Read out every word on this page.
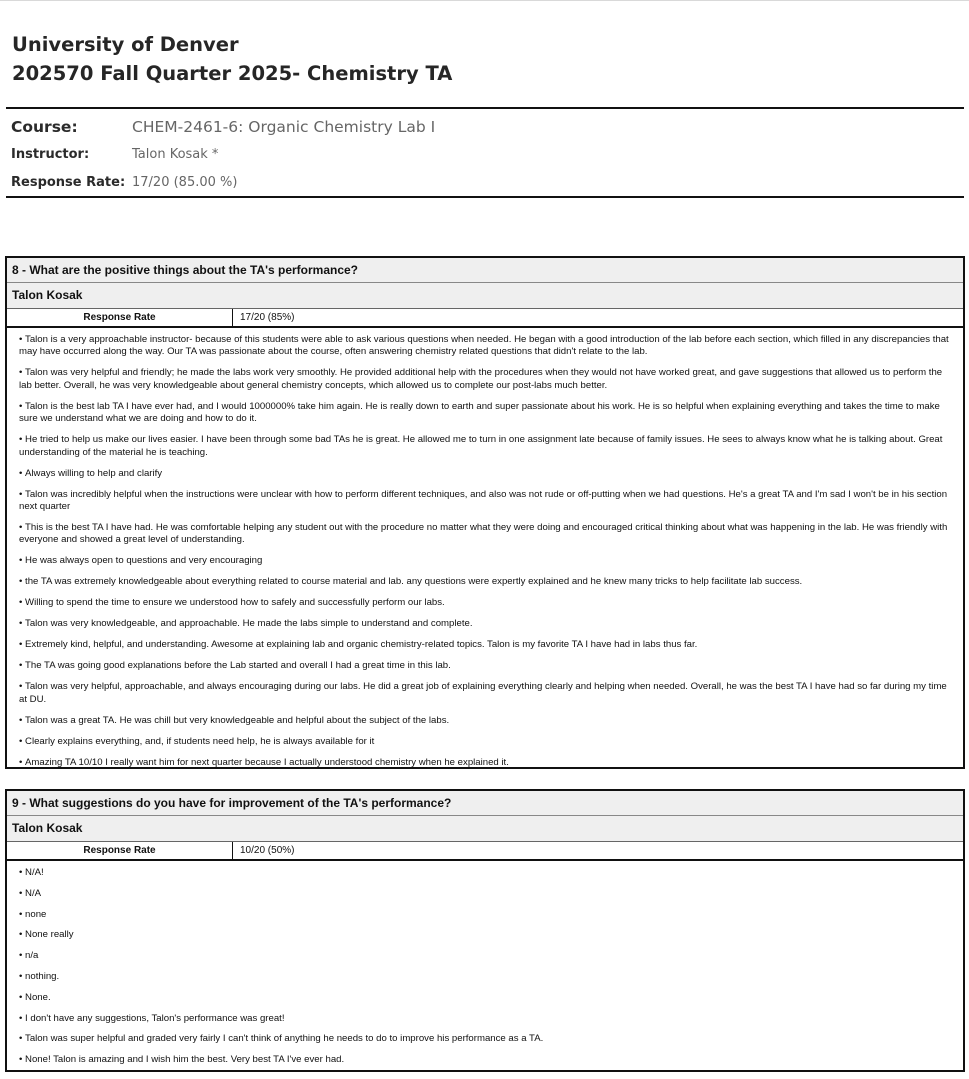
University of Denver
202570 Fall Quarter 2025- Chemistry TA
Course:	CHEM-2461-6: Organic Chemistry Lab I
Instructor:	Talon Kosak *
Response Rate: 17/20 (85.00 %)
8 - What are the positive things about the TA's performance?
Talon Kosak
Response Rate	17/20 (85%)
• Talon is a very approachable instructor- because of this students were able to ask various questions when needed. He began with a good introduction of the lab before each section, which filled in any discrepancies that may have occurred along the way. Our TA was passionate about the course, often answering chemistry related questions that didn't relate to the lab.
• Talon was very helpful and friendly; he made the labs work very smoothly. He provided additional help with the procedures when they would not have worked great, and gave suggestions that allowed us to perform the lab better. Overall, he was very knowledgeable about general chemistry concepts, which allowed us to complete our post-labs much better.
• Talon is the best lab TA I have ever had, and I would 1000000% take him again. He is really down to earth and super passionate about his work. He is so helpful when explaining everything and takes the time to make sure we understand what we are doing and how to do it.
• He tried to help us make our lives easier. I have been through some bad TAs he is great. He allowed me to turn in one assignment late because of family issues. He sees to always know what he is talking about. Great understanding of the material he is teaching.
• Always willing to help and clarify
• Talon was incredibly helpful when the instructions were unclear with how to perform different techniques, and also was not rude or off-putting when we had questions. He's a great TA and I'm sad I won't be in his section next quarter
• This is the best TA I have had. He was comfortable helping any student out with the procedure no matter what they were doing and encouraged critical thinking about what was happening in the lab. He was friendly with everyone and showed a great level of understanding.
• He was always open to questions and very encouraging
• the TA was extremely knowledgeable about everything related to course material and lab. any questions were expertly explained and he knew many tricks to help facilitate lab success.
• Willing to spend the time to ensure we understood how to safely and successfully perform our labs.
• Talon was very knowledgeable, and approachable. He made the labs simple to understand and complete.
• Extremely kind, helpful, and understanding. Awesome at explaining lab and organic chemistry-related topics. Talon is my favorite TA I have had in labs thus far.
• The TA was going good explanations before the Lab started and overall I had a great time in this lab.
• Talon was very helpful, approachable, and always encouraging during our labs. He did a great job of explaining everything clearly and helping when needed. Overall, he was the best TA I have had so far during my time at DU.
• Talon was a great TA. He was chill but very knowledgeable and helpful about the subject of the labs.
• Clearly explains everything, and, if students need help, he is always available for it
• Amazing TA 10/10 I really want him for next quarter because I actually understood chemistry when he explained it.
9 - What suggestions do you have for improvement of the TA's performance?
Talon Kosak
Response Rate	10/20 (50%)
• N/A!
• N/A
• none
• None really
• n/a
• nothing.
• None.
• I don't have any suggestions, Talon's performance was great!
• Talon was super helpful and graded very fairly I can't think of anything he needs to do to improve his performance as a TA.
• None! Talon is amazing and I wish him the best. Very best TA I've ever had.
